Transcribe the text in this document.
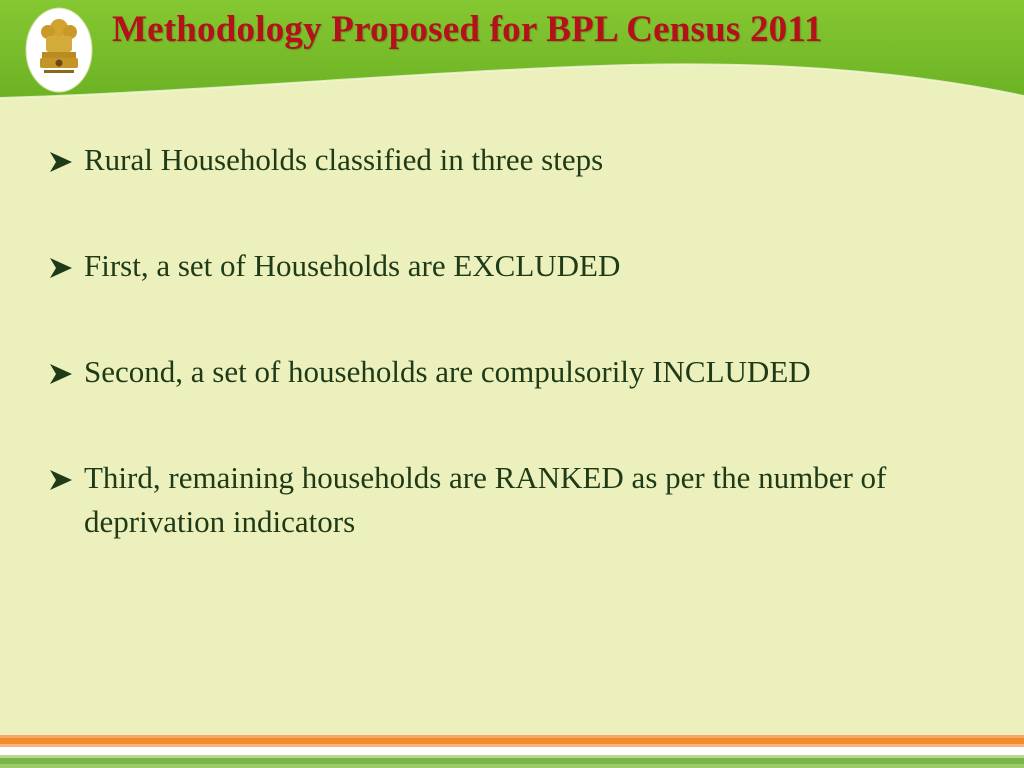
Methodology Proposed for BPL Census 2011
Rural Households classified in three steps
First, a set of Households are EXCLUDED
Second, a set of households are compulsorily INCLUDED
Third, remaining households are RANKED as per the number of deprivation indicators
